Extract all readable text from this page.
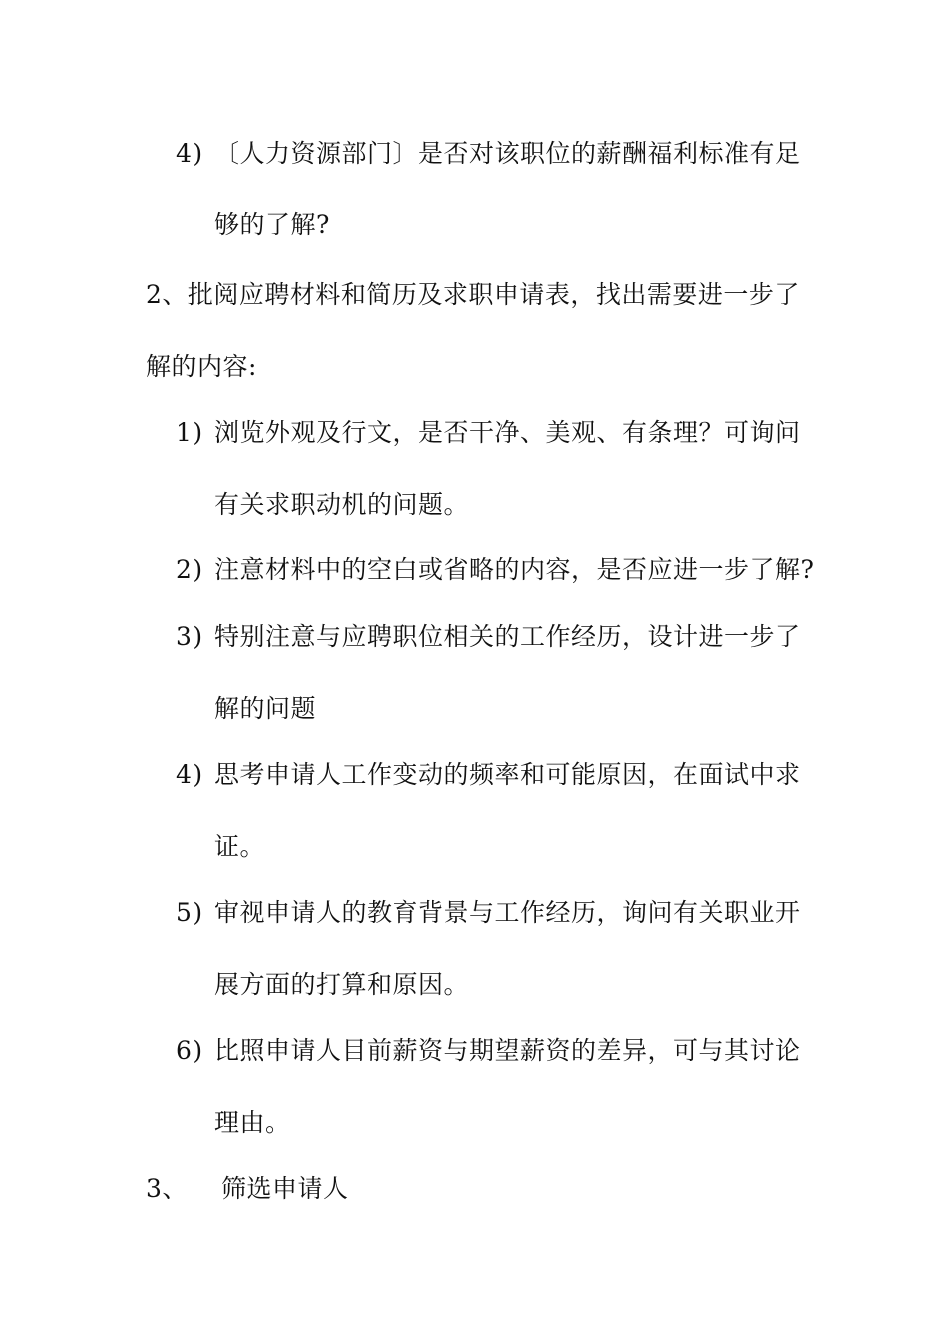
4) 〔人力资源部门〕是否对该职位的薪酬福利标准有足
够的了解?
2、批阅应聘材料和简历及求职申请表，找出需要进一步了
解的内容:
1) 浏览外观及行文，是否干净、美观、有条理？可询问
有关求职动机的问题。
2) 注意材料中的空白或省略的内容，是否应进一步了解?
3) 特别注意与应聘职位相关的工作经历，设计进一步了
解的问题
4) 思考申请人工作变动的频率和可能原因，在面试中求
证。
5) 审视申请人的教育背景与工作经历，询问有关职业开
展方面的打算和原因。
6) 比照申请人目前薪资与期望薪资的差异，可与其讨论
理由。
3、 筛选申请人
